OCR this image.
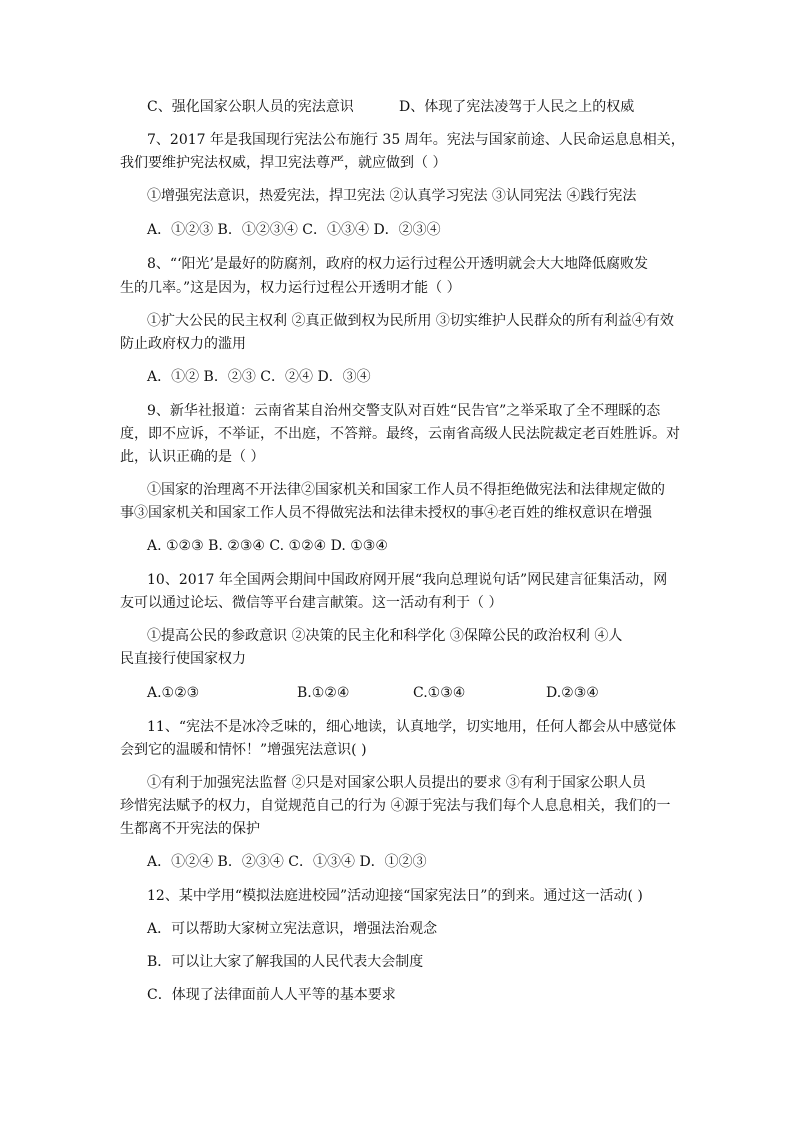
C、强化国家公职人员的宪法意识	D、体现了宪法凌驾于人民之上的权威
7、2017 年是我国现行宪法公布施行 35 周年。宪法与国家前途、人民命运息息相关，
我们要维护宪法权威，捍卫宪法尊严，就应做到（ ）
①增强宪法意识，热爱宪法，捍卫宪法 ②认真学习宪法 ③认同宪法 ④践行宪法
A．①②③ B．①②③④ C．①③④ D．②③④
8、“‘阳光’是最好的防腐剂，政府的权力运行过程公开透明就会大大地降低腐败发
生的几率。”这是因为，权力运行过程公开透明才能（ ）
①扩大公民的民主权利 ②真正做到权为民所用 ③切实维护人民群众的所有利益④有效
防止政府权力的滥用
A．①② B．②③ C．②④ D．③④
9、新华社报道：云南省某自治州交警支队对百姓“民告官”之举采取了全不理睬的态
度，即不应诉，不举证，不出庭，不答辩。最终，云南省高级人民法院裁定老百姓胜诉。对
此，认识正确的是（ ）
①国家的治理离不开法律②国家机关和国家工作人员不得拒绝做宪法和法律规定做的
事③国家机关和国家工作人员不得做宪法和法律未授权的事④老百姓的维权意识在增强
A. ①②③ B. ②③④ C. ①②④ D. ①③④
10、2017 年全国两会期间中国政府网开展“我向总理说句话”网民建言征集活动，网
友可以通过论坛、微信等平台建言献策。这一活动有利于（ ）
①提高公民的参政意识 ②决策的民主化和科学化 ③保障公民的政治权利 ④人
民直接行使国家权力
A.①②③	B.①②④	C.①③④	D.②③④
11、“宪法不是冰冷乏味的，细心地读，认真地学，切实地用，任何人都会从中感觉体
会到它的温暖和情怀！”增强宪法意识( )
①有利于加强宪法监督 ②只是对国家公职人员提出的要求 ③有利于国家公职人员
珍惜宪法赋予的权力，自觉规范自己的行为 ④源于宪法与我们每个人息息相关，我们的一
生都离不开宪法的保护
A．①②④ B．②③④ C．①③④ D．①②③
12、某中学用“模拟法庭进校园”活动迎接“国家宪法日”的到来。通过这一活动( )
A．可以帮助大家树立宪法意识，增强法治观念
B．可以让大家了解我国的人民代表大会制度
C．体现了法律面前人人平等的基本要求
